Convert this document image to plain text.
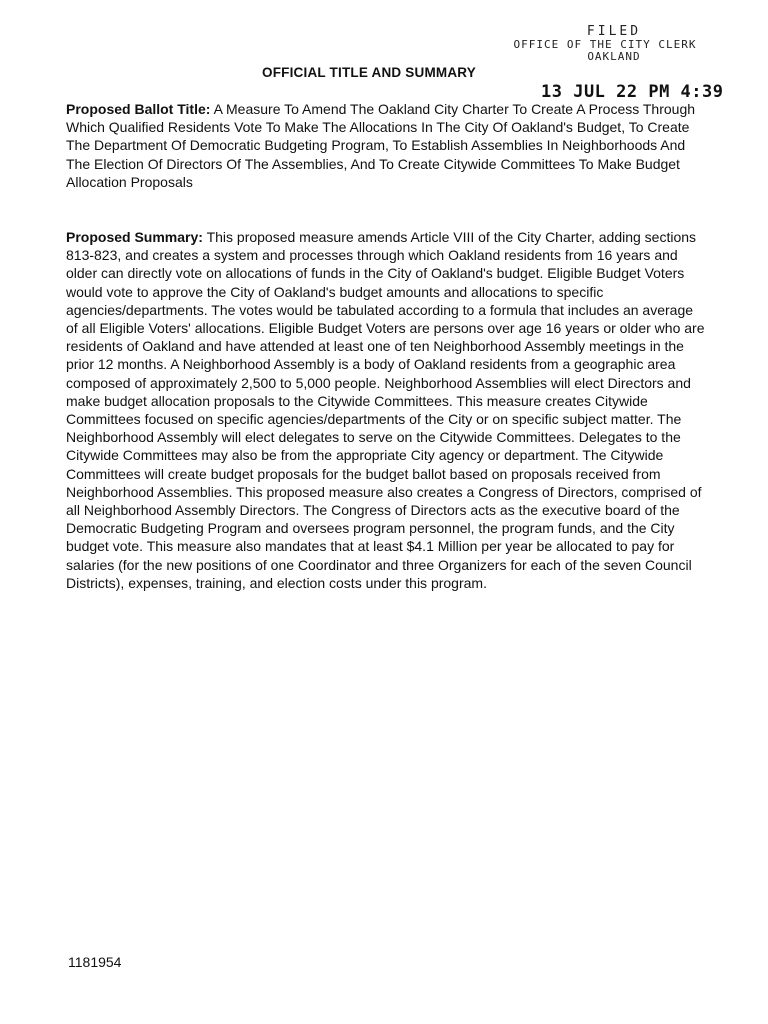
FILED
OFFICE OF THE CITY CLERK
OAKLAND
13 JUL 22 PM 4:39
OFFICIAL TITLE AND SUMMARY

Proposed Ballot Title: A Measure To Amend The Oakland City Charter To Create A Process Through Which Qualified Residents Vote To Make The Allocations In The City Of Oakland's Budget, To Create The Department Of Democratic Budgeting Program, To Establish Assemblies In Neighborhoods And The Election Of Directors Of The Assemblies, And To Create Citywide Committees To Make Budget Allocation Proposals

Proposed Summary: This proposed measure amends Article VIII of the City Charter, adding sections 813-823, and creates a system and processes through which Oakland residents from 16 years and older can directly vote on allocations of funds in the City of Oakland's budget. Eligible Budget Voters would vote to approve the City of Oakland's budget amounts and allocations to specific agencies/departments. The votes would be tabulated according to a formula that includes an average of all Eligible Voters' allocations. Eligible Budget Voters are persons over age 16 years or older who are residents of Oakland and have attended at least one of ten Neighborhood Assembly meetings in the prior 12 months. A Neighborhood Assembly is a body of Oakland residents from a geographic area composed of approximately 2,500 to 5,000 people. Neighborhood Assemblies will elect Directors and make budget allocation proposals to the Citywide Committees. This measure creates Citywide Committees focused on specific agencies/departments of the City or on specific subject matter. The Neighborhood Assembly will elect delegates to serve on the Citywide Committees. Delegates to the Citywide Committees may also be from the appropriate City agency or department. The Citywide Committees will create budget proposals for the budget ballot based on proposals received from Neighborhood Assemblies. This proposed measure also creates a Congress of Directors, comprised of all Neighborhood Assembly Directors. The Congress of Directors acts as the executive board of the Democratic Budgeting Program and oversees program personnel, the program funds, and the City budget vote. This measure also mandates that at least $4.1 Million per year be allocated to pay for salaries (for the new positions of one Coordinator and three Organizers for each of the seven Council Districts), expenses, training, and election costs under this program.

1181954
